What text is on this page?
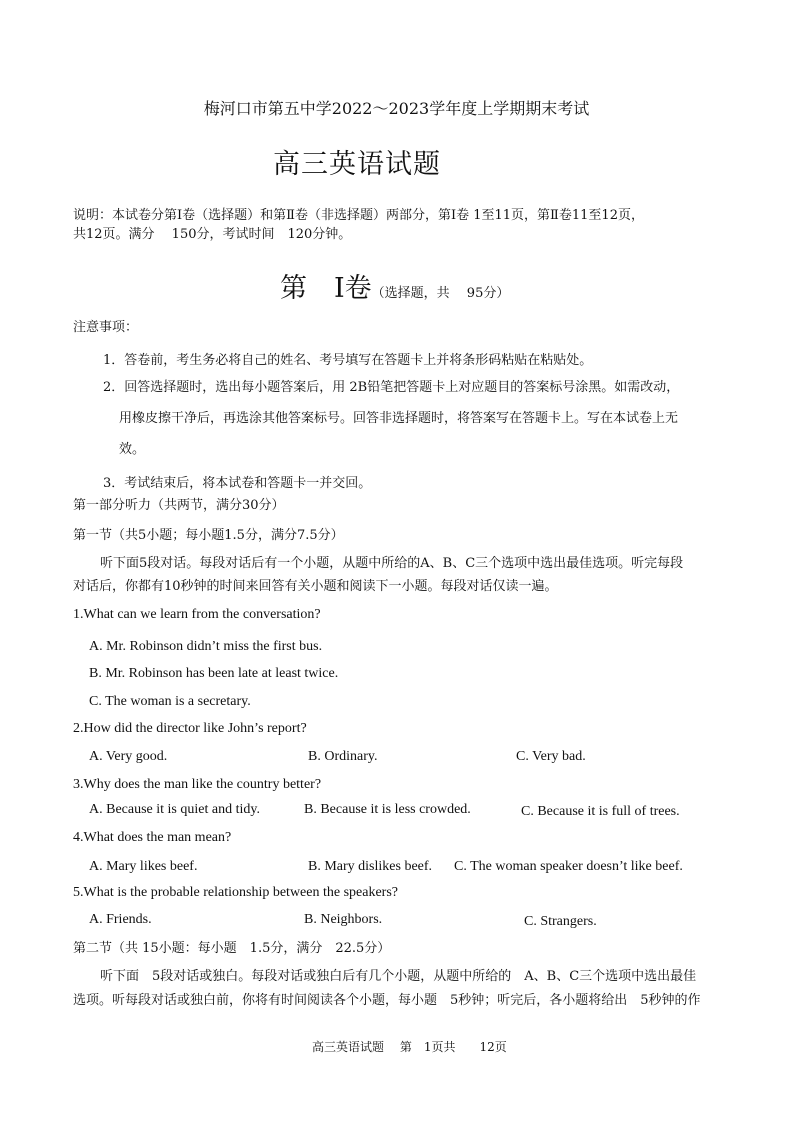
梅河口市第五中学2022～2023学年度上学期期末考试
高三英语试题
说明：本试卷分第Ⅰ卷（选择题）和第Ⅱ卷（非选择题）两部分，第Ⅰ卷 1至11页，第Ⅱ卷11至12页，
共12页。满分　 150分，考试时间　120分钟。
第　Ⅰ卷（选择题，共　 95分）
注意事项：
1．答卷前，考生务必将自己的姓名、考号填写在答题卡上并将条形码粘贴在粘贴处。
2．回答选择题时，选出每小题答案后，用 2B铅笔把答题卡上对应题目的答案标号涂黑。如需改动，
用橡皮擦干净后，再选涂其他答案标号。回答非选择题时，将答案写在答题卡上。写在本试卷上无
效。
3．考试结束后，将本试卷和答题卡一并交回。
第一部分听力（共两节，满分30分）
第一节（共5小题；每小题1.5分，满分7.5分）
听下面5段对话。每段对话后有一个小题，从题中所给的A、B、C三个选项中选出最佳选项。听完每段
对话后，你都有10秒钟的时间来回答有关小题和阅读下一小题。每段对话仅读一遍。
1.What can we learn from the conversation?
A. Mr. Robinson didn’t miss the first bus.
B. Mr. Robinson has been late at least twice.
C. The woman is a secretary.
2.How did the director like John’s report?
A. Very good.	B. Ordinary.	C. Very bad.
3.Why does the man like the country better?
A. Because it is quiet and tidy.	B. Because it is less crowded.	C. Because it is full of trees.
4.What does the man mean?
A. Mary likes beef.	B. Mary dislikes beef. C. The woman speaker doesn’t like beef.
5.What is the probable relationship between the speakers?
A. Friends.	B. Neighbors.	C. Strangers.
第二节（共 15小题：每小题　1.5分，满分　22.5分）
听下面　5段对话或独白。每段对话或独白后有几个小题，从题中所给的　A、B、C三个选项中选出最佳
选项。听每段对话或独白前，你将有时间阅读各个小题，每小题　5秒钟；听完后，各小题将给出　5秒钟的作
高三英语试题　 第　1页共　　12页
